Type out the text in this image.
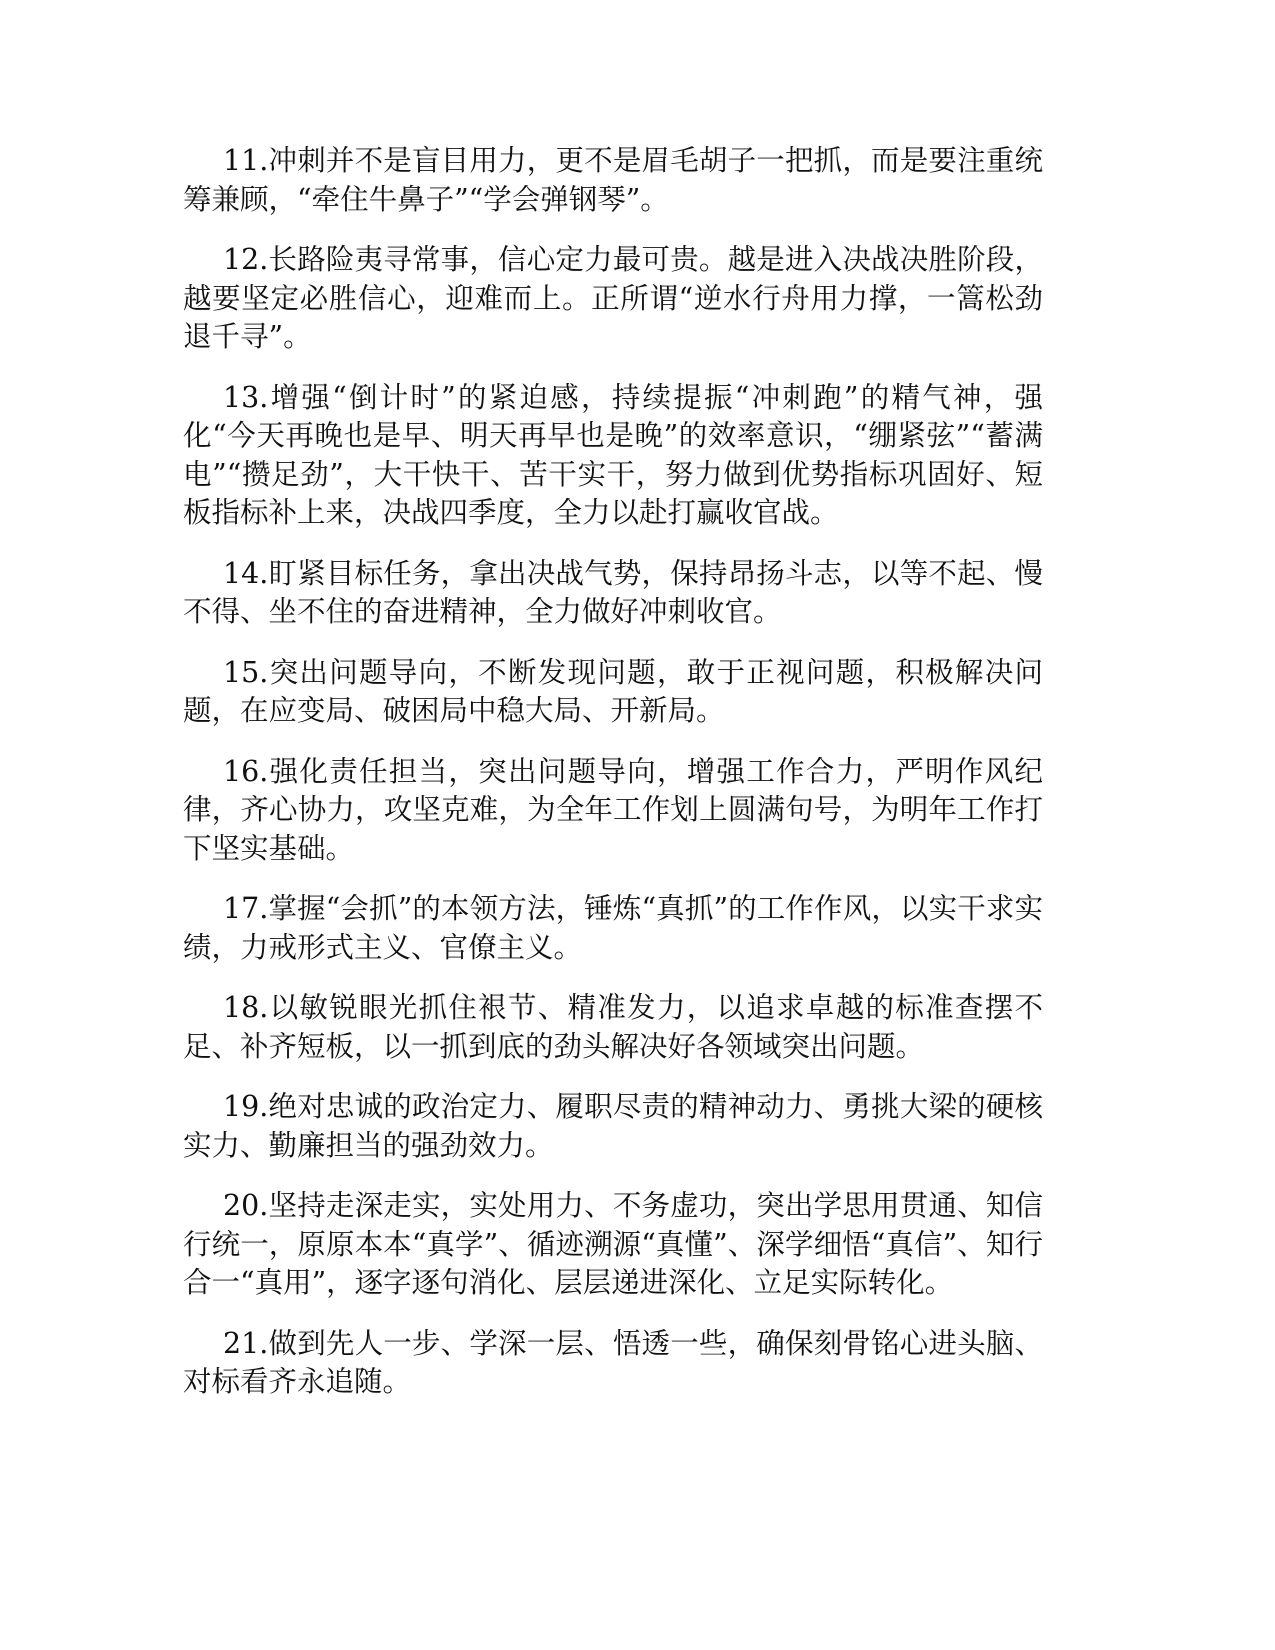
11.冲刺并不是盲目用力，更不是眉毛胡子一把抓，而是要注重统筹兼顾，“牵住牛鼻子”“学会弹钢琴”。

12.长路险夷寻常事，信心定力最可贵。越是进入决战决胜阶段，越要坚定必胜信心，迎难而上。正所谓“逆水行舟用力撑，一篙松劲退千寻”。

13.增强“倒计时”的紧迫感，持续提振“冲刺跑”的精气神，强化“今天再晚也是早、明天再早也是晚”的效率意识，“绷紧弦”“蓄满电”“攒足劲”，大干快干、苦干实干，努力做到优势指标巩固好、短板指标补上来，决战四季度，全力以赴打赢收官战。

14.盯紧目标任务，拿出决战气势，保持昂扬斗志，以等不起、慢不得、坐不住的奋进精神，全力做好冲刺收官。

15.突出问题导向，不断发现问题，敢于正视问题，积极解决问题，在应变局、破困局中稳大局、开新局。

16.强化责任担当，突出问题导向，增强工作合力，严明作风纪律，齐心协力，攻坚克难，为全年工作划上圆满句号，为明年工作打下坚实基础。

17.掌握“会抓”的本领方法，锤炼“真抓”的工作作风，以实干求实绩，力戒形式主义、官僚主义。

18.以敏锐眼光抓住裉节、精准发力，以追求卓越的标准查摆不足、补齐短板，以一抓到底的劲头解决好各领域突出问题。

19.绝对忠诚的政治定力、履职尽责的精神动力、勇挑大梁的硬核实力、勤廉担当的强劲效力。

20.坚持走深走实，实处用力、不务虚功，突出学思用贯通、知信行统一，原原本本“真学”、循迹溯源“真懂”、深学细悟“真信”、知行合一“真用”，逐字逐句消化、层层递进深化、立足实际转化。

21.做到先人一步、学深一层、悟透一些，确保刻骨铭心进头脑、对标看齐永追随。
